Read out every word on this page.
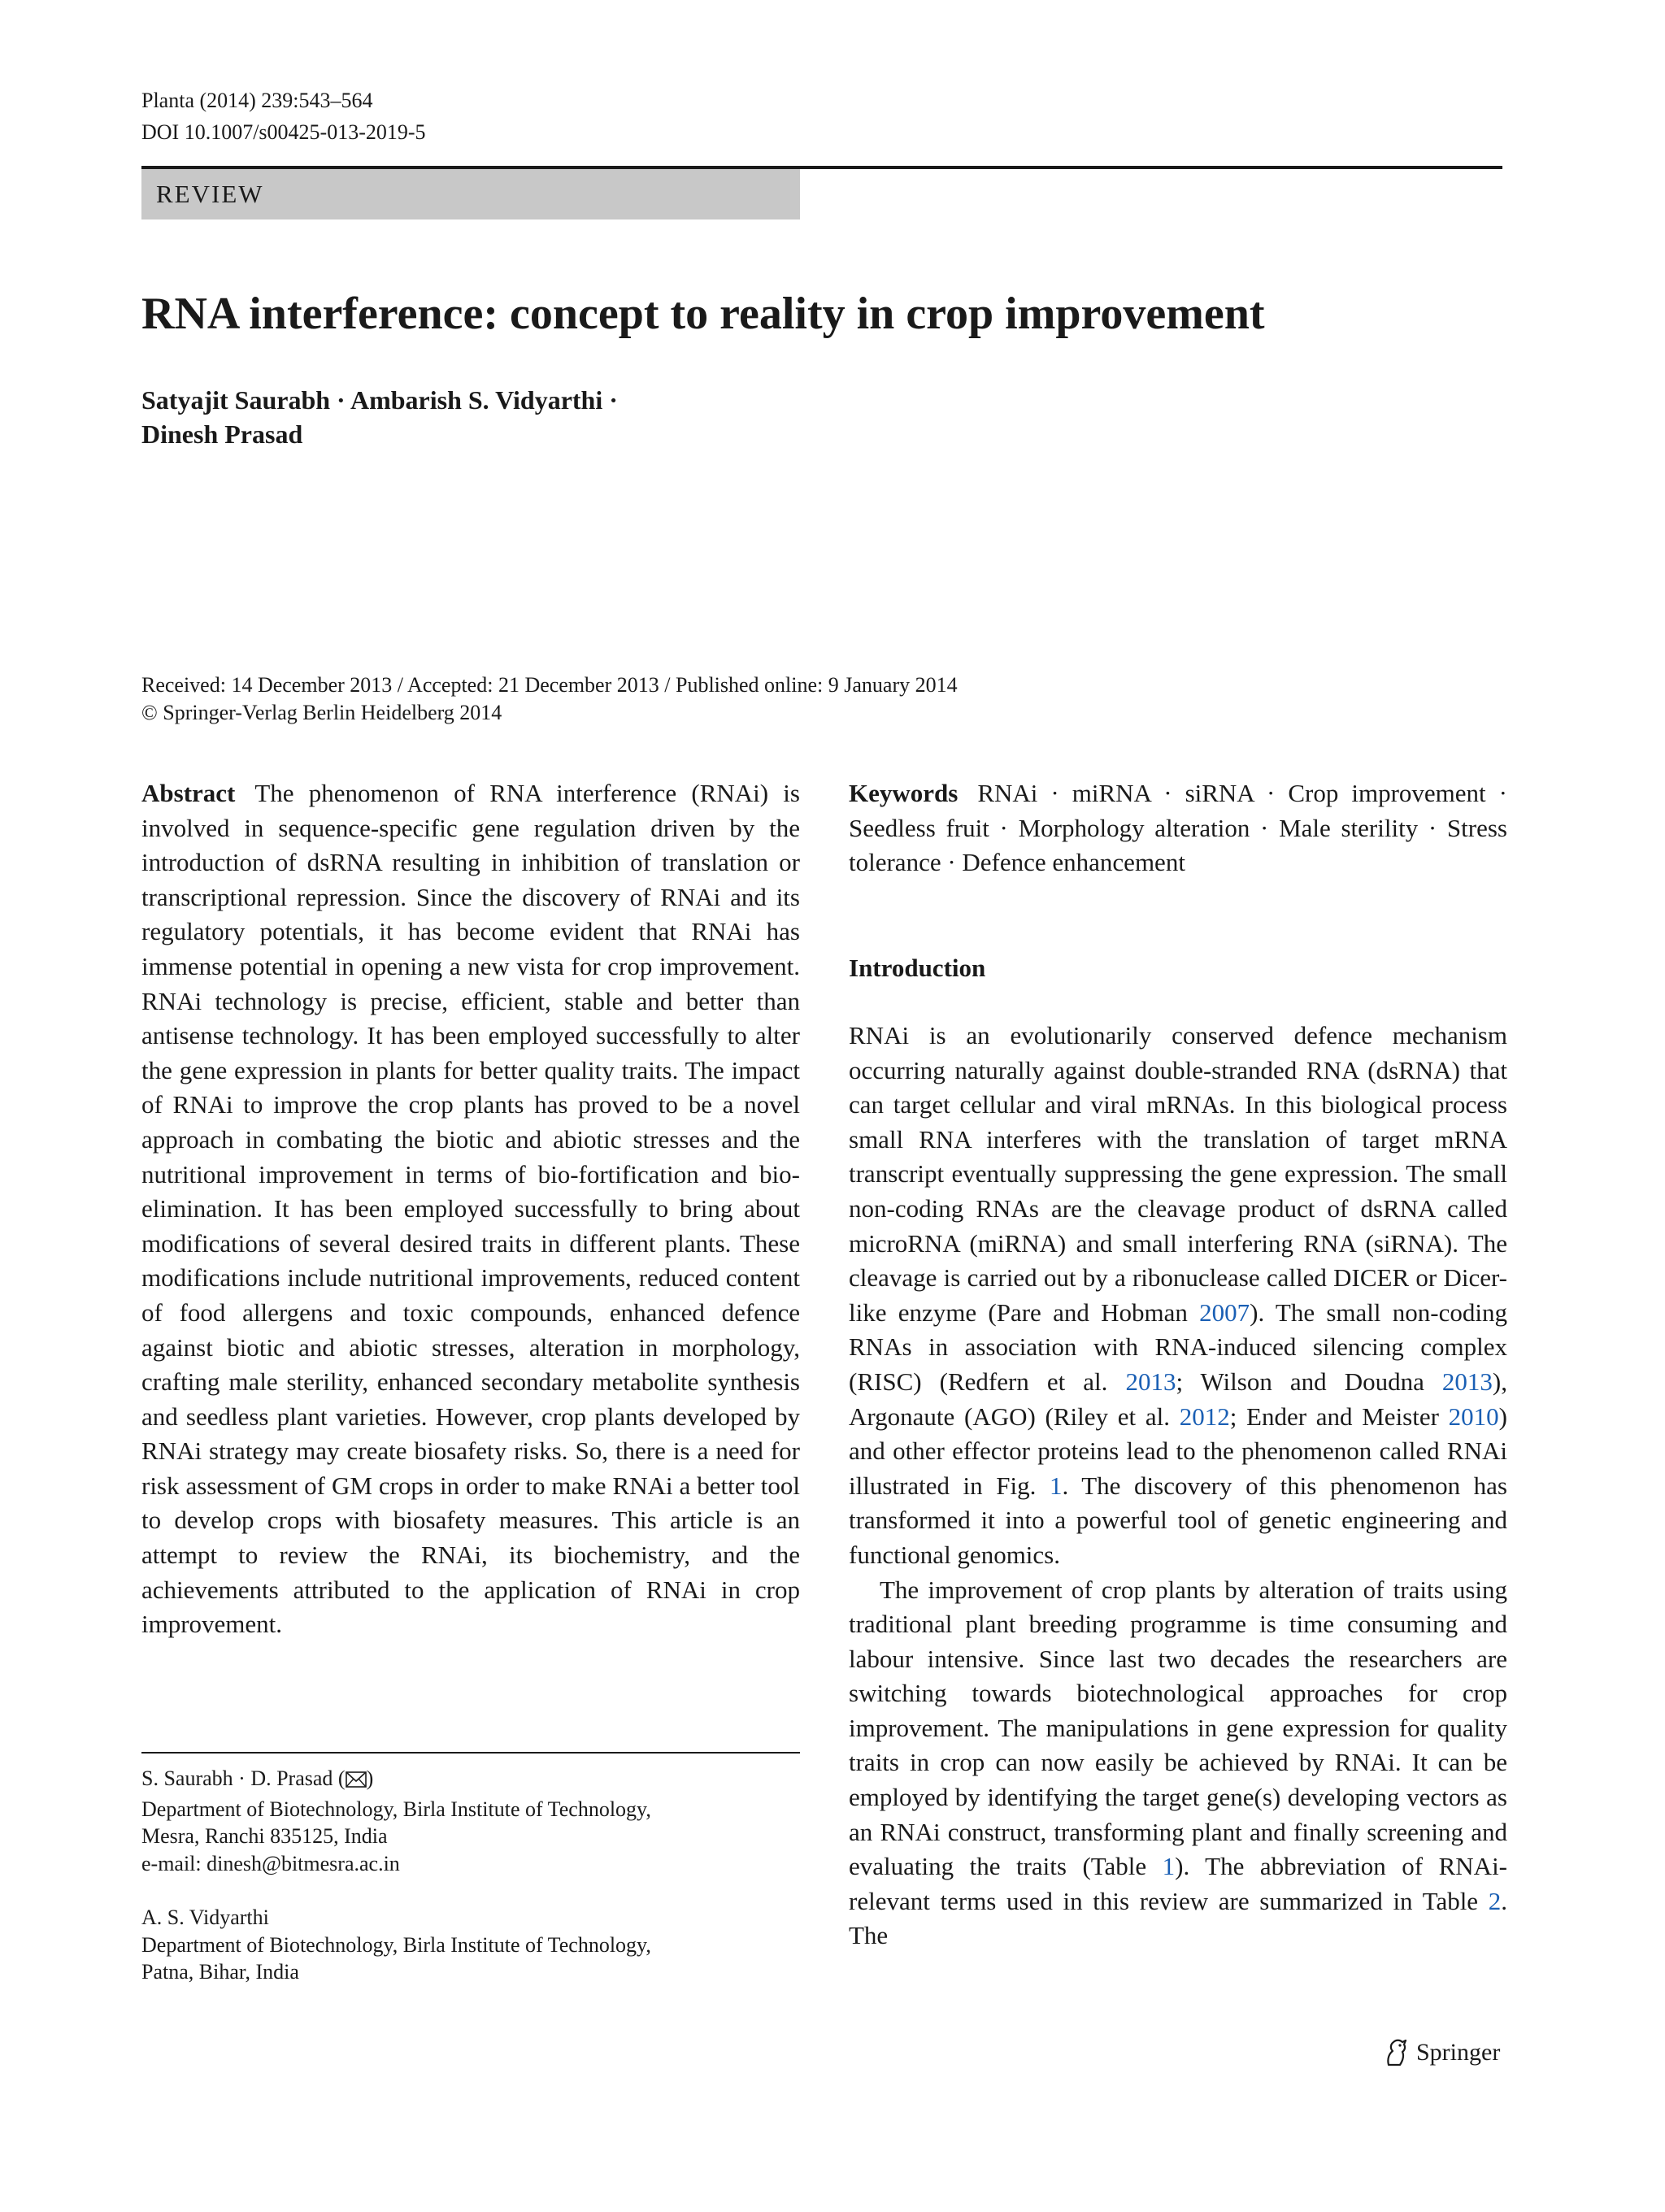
Planta (2014) 239:543–564
DOI 10.1007/s00425-013-2019-5
REVIEW
RNA interference: concept to reality in crop improvement
Satyajit Saurabh · Ambarish S. Vidyarthi ·
Dinesh Prasad
Received: 14 December 2013 / Accepted: 21 December 2013 / Published online: 9 January 2014
© Springer-Verlag Berlin Heidelberg 2014

Abstract The phenomenon of RNA interference (RNAi) is involved in sequence-specific gene regulation driven by the introduction of dsRNA resulting in inhibition of translation or transcriptional repression. Since the discovery of RNAi and its regulatory potentials, it has become evident that RNAi has immense potential in opening a new vista for crop improvement. RNAi technology is precise, efficient, stable and better than antisense technology. It has been employed successfully to alter the gene expression in plants for better quality traits. The impact of RNAi to improve the crop plants has proved to be a novel approach in combating the biotic and abiotic stresses and the nutritional improvement in terms of bio-fortification and bio-elimination. It has been employed successfully to bring about modifications of several desired traits in different plants. These modifications include nutritional improvements, reduced content of food allergens and toxic compounds, enhanced defence against biotic and abiotic stresses, alteration in morphology, crafting male sterility, enhanced secondary metabolite synthesis and seedless plant varieties. However, crop plants developed by RNAi strategy may create biosafety risks. So, there is a need for risk assessment of GM crops in order to make RNAi a better tool to develop crops with biosafety measures. This article is an attempt to review the RNAi, its biochemistry, and the achievements attributed to the application of RNAi in crop improvement.

Keywords RNAi · miRNA · siRNA · Crop improvement · Seedless fruit · Morphology alteration · Male sterility · Stress tolerance · Defence enhancement

Introduction

RNAi is an evolutionarily conserved defence mechanism occurring naturally against double-stranded RNA (dsRNA) that can target cellular and viral mRNAs. In this biological process small RNA interferes with the translation of target mRNA transcript eventually suppressing the gene expression. The small non-coding RNAs are the cleavage product of dsRNA called microRNA (miRNA) and small interfering RNA (siRNA). The cleavage is carried out by a ribonuclease called DICER or Dicer-like enzyme (Pare and Hobman 2007). The small non-coding RNAs in association with RNA-induced silencing complex (RISC) (Redfern et al. 2013; Wilson and Doudna 2013), Argonaute (AGO) (Riley et al. 2012; Ender and Meister 2010) and other effector proteins lead to the phenomenon called RNAi illustrated in Fig. 1. The discovery of this phenomenon has transformed it into a powerful tool of genetic engineering and functional genomics.

The improvement of crop plants by alteration of traits using traditional plant breeding programme is time consuming and labour intensive. Since last two decades the researchers are switching towards biotechnological approaches for crop improvement. The manipulations in gene expression for quality traits in crop can now easily be achieved by RNAi. It can be employed by identifying the target gene(s) developing vectors as an RNAi construct, transforming plant and finally screening and evaluating the traits (Table 1). The abbreviation of RNAi-relevant terms used in this review are summarized in Table 2. The

S. Saurabh · D. Prasad ( )
Department of Biotechnology, Birla Institute of Technology,
Mesra, Ranchi 835125, India
e-mail: dinesh@bitmesra.ac.in
A. S. Vidyarthi
Department of Biotechnology, Birla Institute of Technology,
Patna, Bihar, India
Springer
